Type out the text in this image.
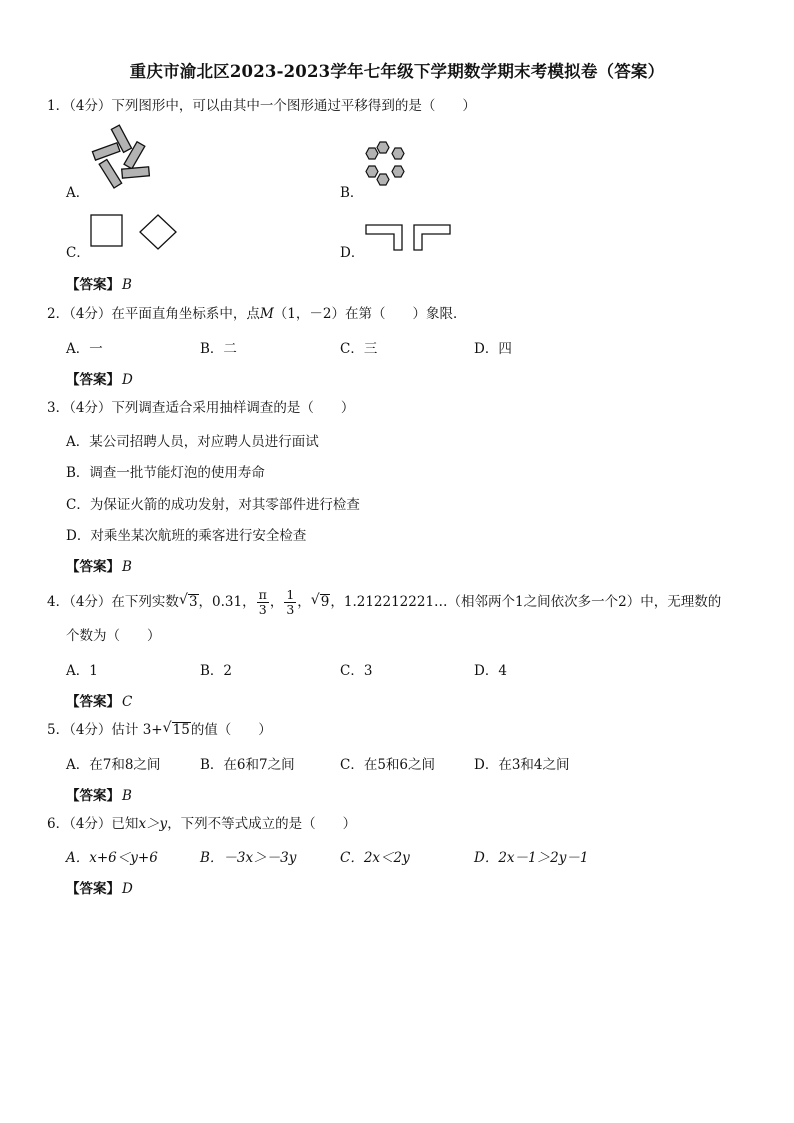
重庆市渝北区2023-2023学年七年级下学期数学期末考模拟卷（答案）
1．（4分）下列图形中，可以由其中一个图形通过平移得到的是（　　）
A．	B．
C．	D．
【答案】 B
2．（4分）在平面直角坐标系中，点M（1，－2）在第（　　）象限．
A．一	B．二	C．三	D．四
【答案】 D
3．（4分）下列调查适合采用抽样调查的是（　　）
A．某公司招聘人员，对应聘人员进行面试
B．调查一批节能灯泡的使用寿命
C．为保证火箭的成功发射，对其零部件进行检查
D．对乘坐某次航班的乘客进行安全检查
【答案】 B
4．（4分）在下列实数 √ 3，0.31， $\frac{\pi}{3}$ ， $\frac{1}{3}$ ， √ 9，1.212212221…（相邻两个1之间依次多一个2）中，无理数的
个数为（　　）
A．1	B．2	C．3	D．4
【答案】 C
5．（4分）估计 3+ √ 15的值（　　）
A．在7和8之间	B．在6和7之间	C．在5和6之间	D．在3和4之间
【答案】 B
6．（4分）已知x＞y，下列不等式成立的是（　　）
A．x+6＜y+6	B．－3x＞－3y	C．2x＜2y	D．2x－1＞2y－1
【答案】 D
